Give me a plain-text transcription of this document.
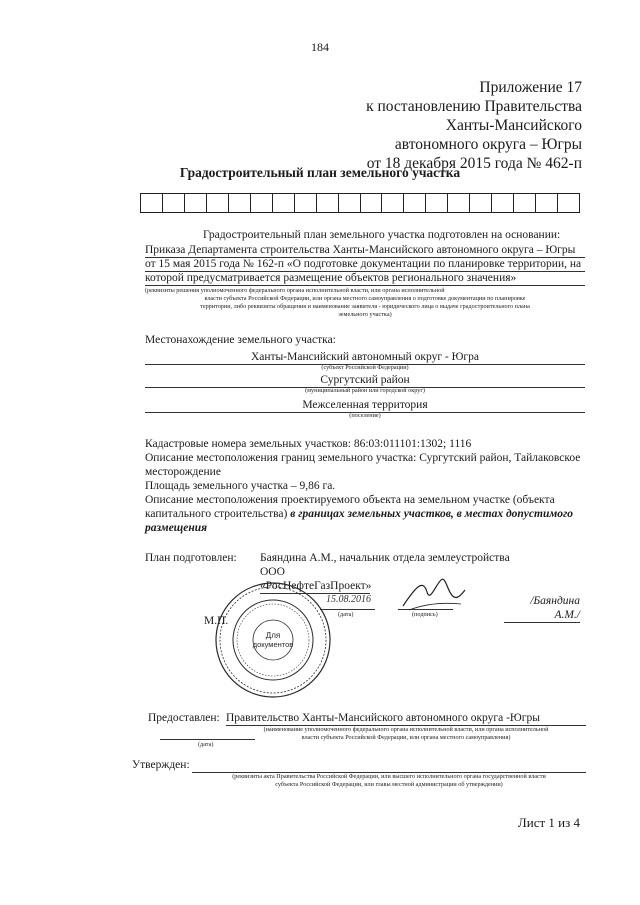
184
Приложение 17
к постановлению Правительства
Ханты-Мансийского
автономного округа – Югры
от 18 декабря 2015 года № 462-п
Градостроительный план земельного участка
Градостроительный план земельного участка подготовлен на основании:
Приказа Департамента строительства Ханты-Мансийского автономного округа – Югры
от 15 мая 2015 года № 162-п «О подготовке документации по планировке территории, на
которой предусматривается размещение объектов регионального значения»
(реквизиты решения уполномоченного федерального органа исполнительной власти, или органа исполнительной
власти субъекта Российской Федерации, или органа местного самоуправления о подготовке документации по планировке
территории, либо реквизиты обращения и наименование заявителя - юридического лица о выдаче градостроительного плана
земельного участка)
Местонахождение земельного участка:
Ханты-Мансийский автономный округ - Югра
(субъект Российской Федерации)
Сургутский район
(муниципальный район или городской округ)
Межселенная территория
(поселение)
Кадастровые номера земельных участков: 86:03:011101:1302; 1116
Описание местоположения границ земельного участка: Сургутский район, Тайлаковское
месторождение
Площадь земельного участка – 9,86 га.
Описание местоположения проектируемого объекта на земельном участке (объекта
капитального строительства) в границах земельных участков, в местах допустимого
размещения
План подготовлен: Баяндина А.М., начальник отдела землеустройства
ООО «РосНефтеГазПроект»
Для
документов
М.П.
15.08.2016
(дата)	(подпись)
/Баяндина А.М./
Предоставлен: Правительство Ханты-Мансийского автономного округа -Югры
(наименование уполномоченного федерального органа исполнительной власти, или органа исполнительной
власти субъекта Российской Федерации, или органа местного самоуправления)
(дата)
Утвержден:
(реквизиты акта Правительства Российской Федерации, или высшего исполнительного органа государственной власти
субъекта Российской Федерации, или главы местной администрации об утверждении)
Лист 1 из 4
